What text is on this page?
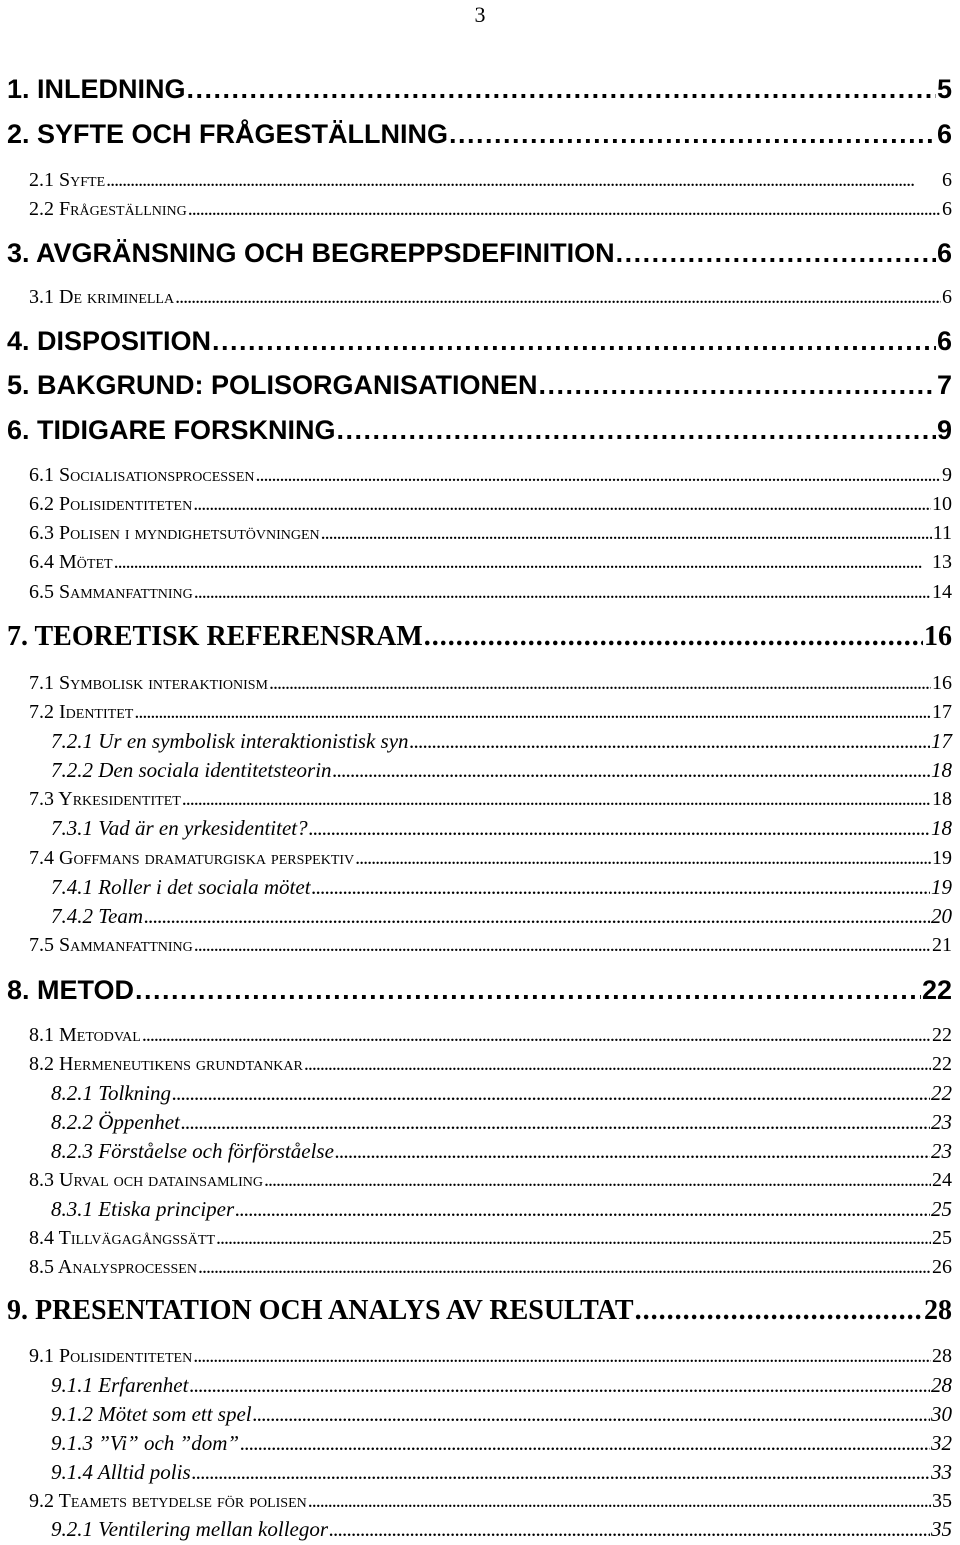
3
1. INLEDNING . . .	5
2. SYFTE OCH FRÅGESTÄLLNING . . .	6
2.1 Syfte . . .	6
2.2 Frågeställning . . .	6
3. AVGRÄNSNING OCH BEGREPPSDEFINITION . . .	6
3.1 De kriminella . . .	6
4. DISPOSITION . . .	6
5. BAKGRUND: POLISORGANISATIONEN . . .	7
6. TIDIGARE FORSKNING . . .	9
6.1 Socialisationsprocessen . . .	9
6.2 Polisidentiteten . . .	10
6.3 Polisen i myndighetsutövningen . . .	11
6.4 Mötet . . .	13
6.5 Sammanfattning . . .	14
7. TEORETISK REFERENSRAM . . .	16
7.1 Symbolisk interaktionism . . .	16
7.2 Identitet . . .	17
7.2.1 Ur en symbolisk interaktionistisk syn . . .	17
7.2.2 Den sociala identitetsteorin . . .	18
7.3 Yrkesidentitet . . .	18
7.3.1 Vad är en yrkesidentitet? . . .	18
7.4 Goffmans dramaturgiska perspektiv . . .	19
7.4.1 Roller i det sociala mötet . . .	19
7.4.2 Team . . .	20
7.5 Sammanfattning . . .	21
8. METOD . . .	22
8.1 Metodval . . .	22
8.2 Hermeneutikens grundtankar . . .	22
8.2.1 Tolkning . . .	22
8.2.2 Öppenhet . . .	23
8.2.3 Förståelse och förförståelse . . .	23
8.3 Urval och datainsamling . . .	24
8.3.1 Etiska principer . . .	25
8.4 Tillvägagångssätt . . .	25
8.5 Analysprocessen . . .	26
9. PRESENTATION OCH ANALYS AV RESULTAT . . .	28
9.1 Polisidentiteten . . .	28
9.1.1 Erfarenhet . . .	28
9.1.2 Mötet som ett spel . . .	30
9.1.3 ”Vi” och ”dom” . . .	32
9.1.4 Alltid polis . . .	33
9.2 Teamets betydelse för polisen . . .	35
9.2.1 Ventilering mellan kollegor . . .	35
